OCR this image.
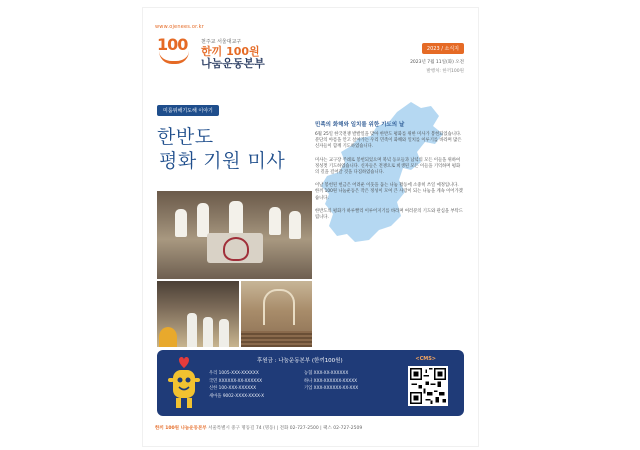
www.ojenees.or.kr
100	천주교 서울대교구
한끼 100원
나눔운동본부
2023 / 소식지
2023년 7월 11일(화) 오전
발행처: 한끼100원
미룸위해기도해 이야기
한반도
평화 기원 미사
민족의 화해와 일치를 위한 기도의 날

6월 25일 한국전쟁 발발일을 맞아 한반도 평화를 위한 미사가 봉헌되었습니다. 분단의 아픔을 안고 살아가는 우리 민족이 화해와 일치를 이루기를 바라며 많은 신자들이 함께 기도하였습니다.

미사는 교구장 주례로 봉헌되었으며 북녘 동포들과 남녘의 모든 이들을 위하여 정성껏 기도하였습니다. 신자들은 전쟁으로 희생된 모든 이들을 기억하며 평화의 길을 걸어갈 것을 다짐하였습니다.

이날 봉헌된 헌금은 어려운 이웃을 돕는 나눔 활동에 소중히 쓰일 예정입니다. 한끼 100원 나눔운동은 작은 정성이 모여 큰 사랑이 되는 나눔을 계속 이어가겠습니다.

한반도의 평화가 하루빨리 이루어지기를 바라며 여러분의 기도와 관심을 부탁드립니다.

후원금 : 나눔운동본부 (한끼100원)
우리 1005-XXX-XXXXXX	농협 XXX-XX-XXXXXX
국민 XXXXXX-XX-XXXXXX	하나 XXX-XXXXXX-XXXXX
신한 100-XXX-XXXXXX	기업 XXX-XXXXXX-XX-XXX
새마을 9002-XXXX-XXXX-X
<CMS>
한끼 100원 나눔운동본부 서울특별시 중구 명동길 74 (명동) | 전화 02-727-2500 | 팩스 02-727-2509
